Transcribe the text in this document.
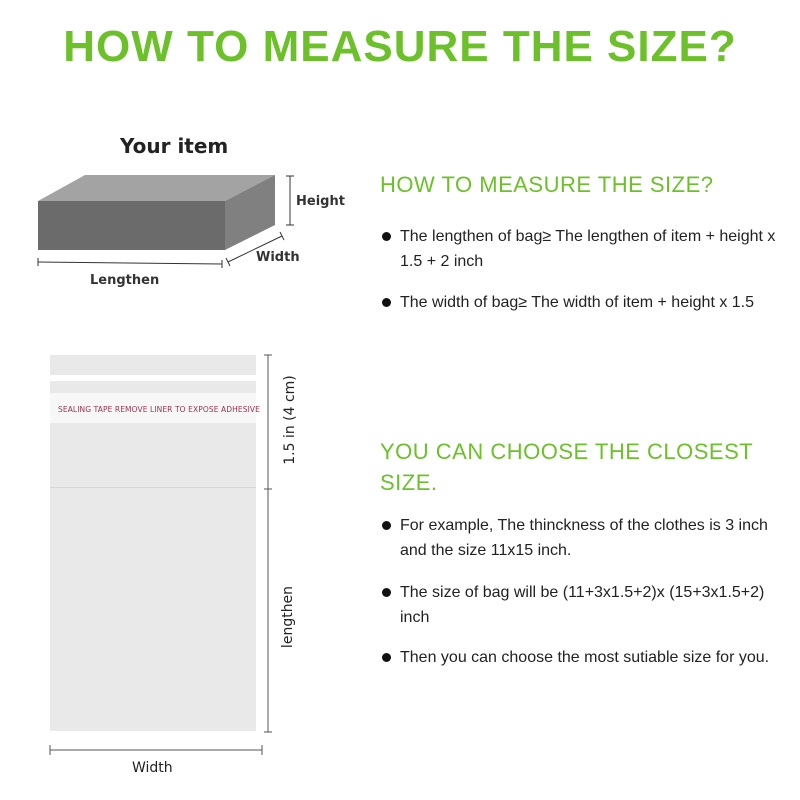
HOW TO MEASURE THE SIZE?
Your item
Height
Width
Lengthen
SEALING TAPE REMOVE LINER TO EXPOSE ADHESIVE 1.5 in (4 cm)
lengthen
Width
HOW TO MEASURE THE SIZE?
The lengthen of bag≥ The lengthen of item + height x 1.5 + 2 inch
The width of bag≥ The width of item + height x 1.5
YOU CAN CHOOSE THE CLOSEST SIZE.
For example, The thinckness of the clothes is 3 inch and the size 11x15 inch.
The size of bag will be (11+3x1.5+2)x (15+3x1.5+2) inch
Then you can choose the most sutiable size for you.
